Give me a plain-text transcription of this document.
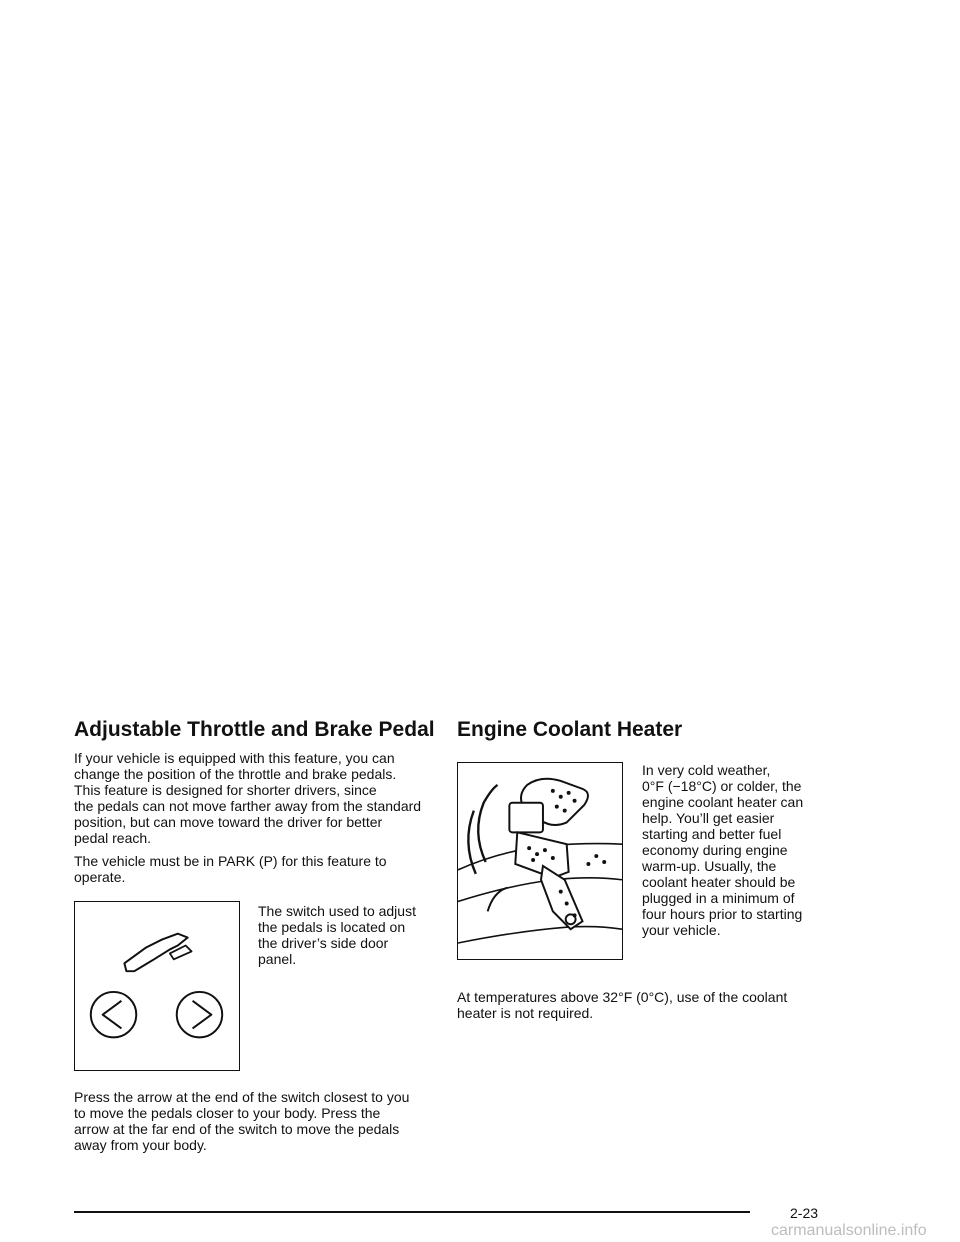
Adjustable Throttle and Brake Pedal

If your vehicle is equipped with this feature, you can
change the position of the throttle and brake pedals.
This feature is designed for shorter drivers, since
the pedals can not move farther away from the standard
position, but can move toward the driver for better
pedal reach.

The vehicle must be in PARK (P) for this feature to
operate.

The switch used to adjust
the pedals is located on
the driver’s side door
panel.

Press the arrow at the end of the switch closest to you
to move the pedals closer to your body. Press the
arrow at the far end of the switch to move the pedals
away from your body.

Engine Coolant Heater

In very cold weather,
0°F (−18°C) or colder, the
engine coolant heater can
help. You’ll get easier
starting and better fuel
economy during engine
warm-up. Usually, the
coolant heater should be
plugged in a minimum of
four hours prior to starting
your vehicle.

At temperatures above 32°F (0°C), use of the coolant
heater is not required.

2-23
carmanualsonline.info
